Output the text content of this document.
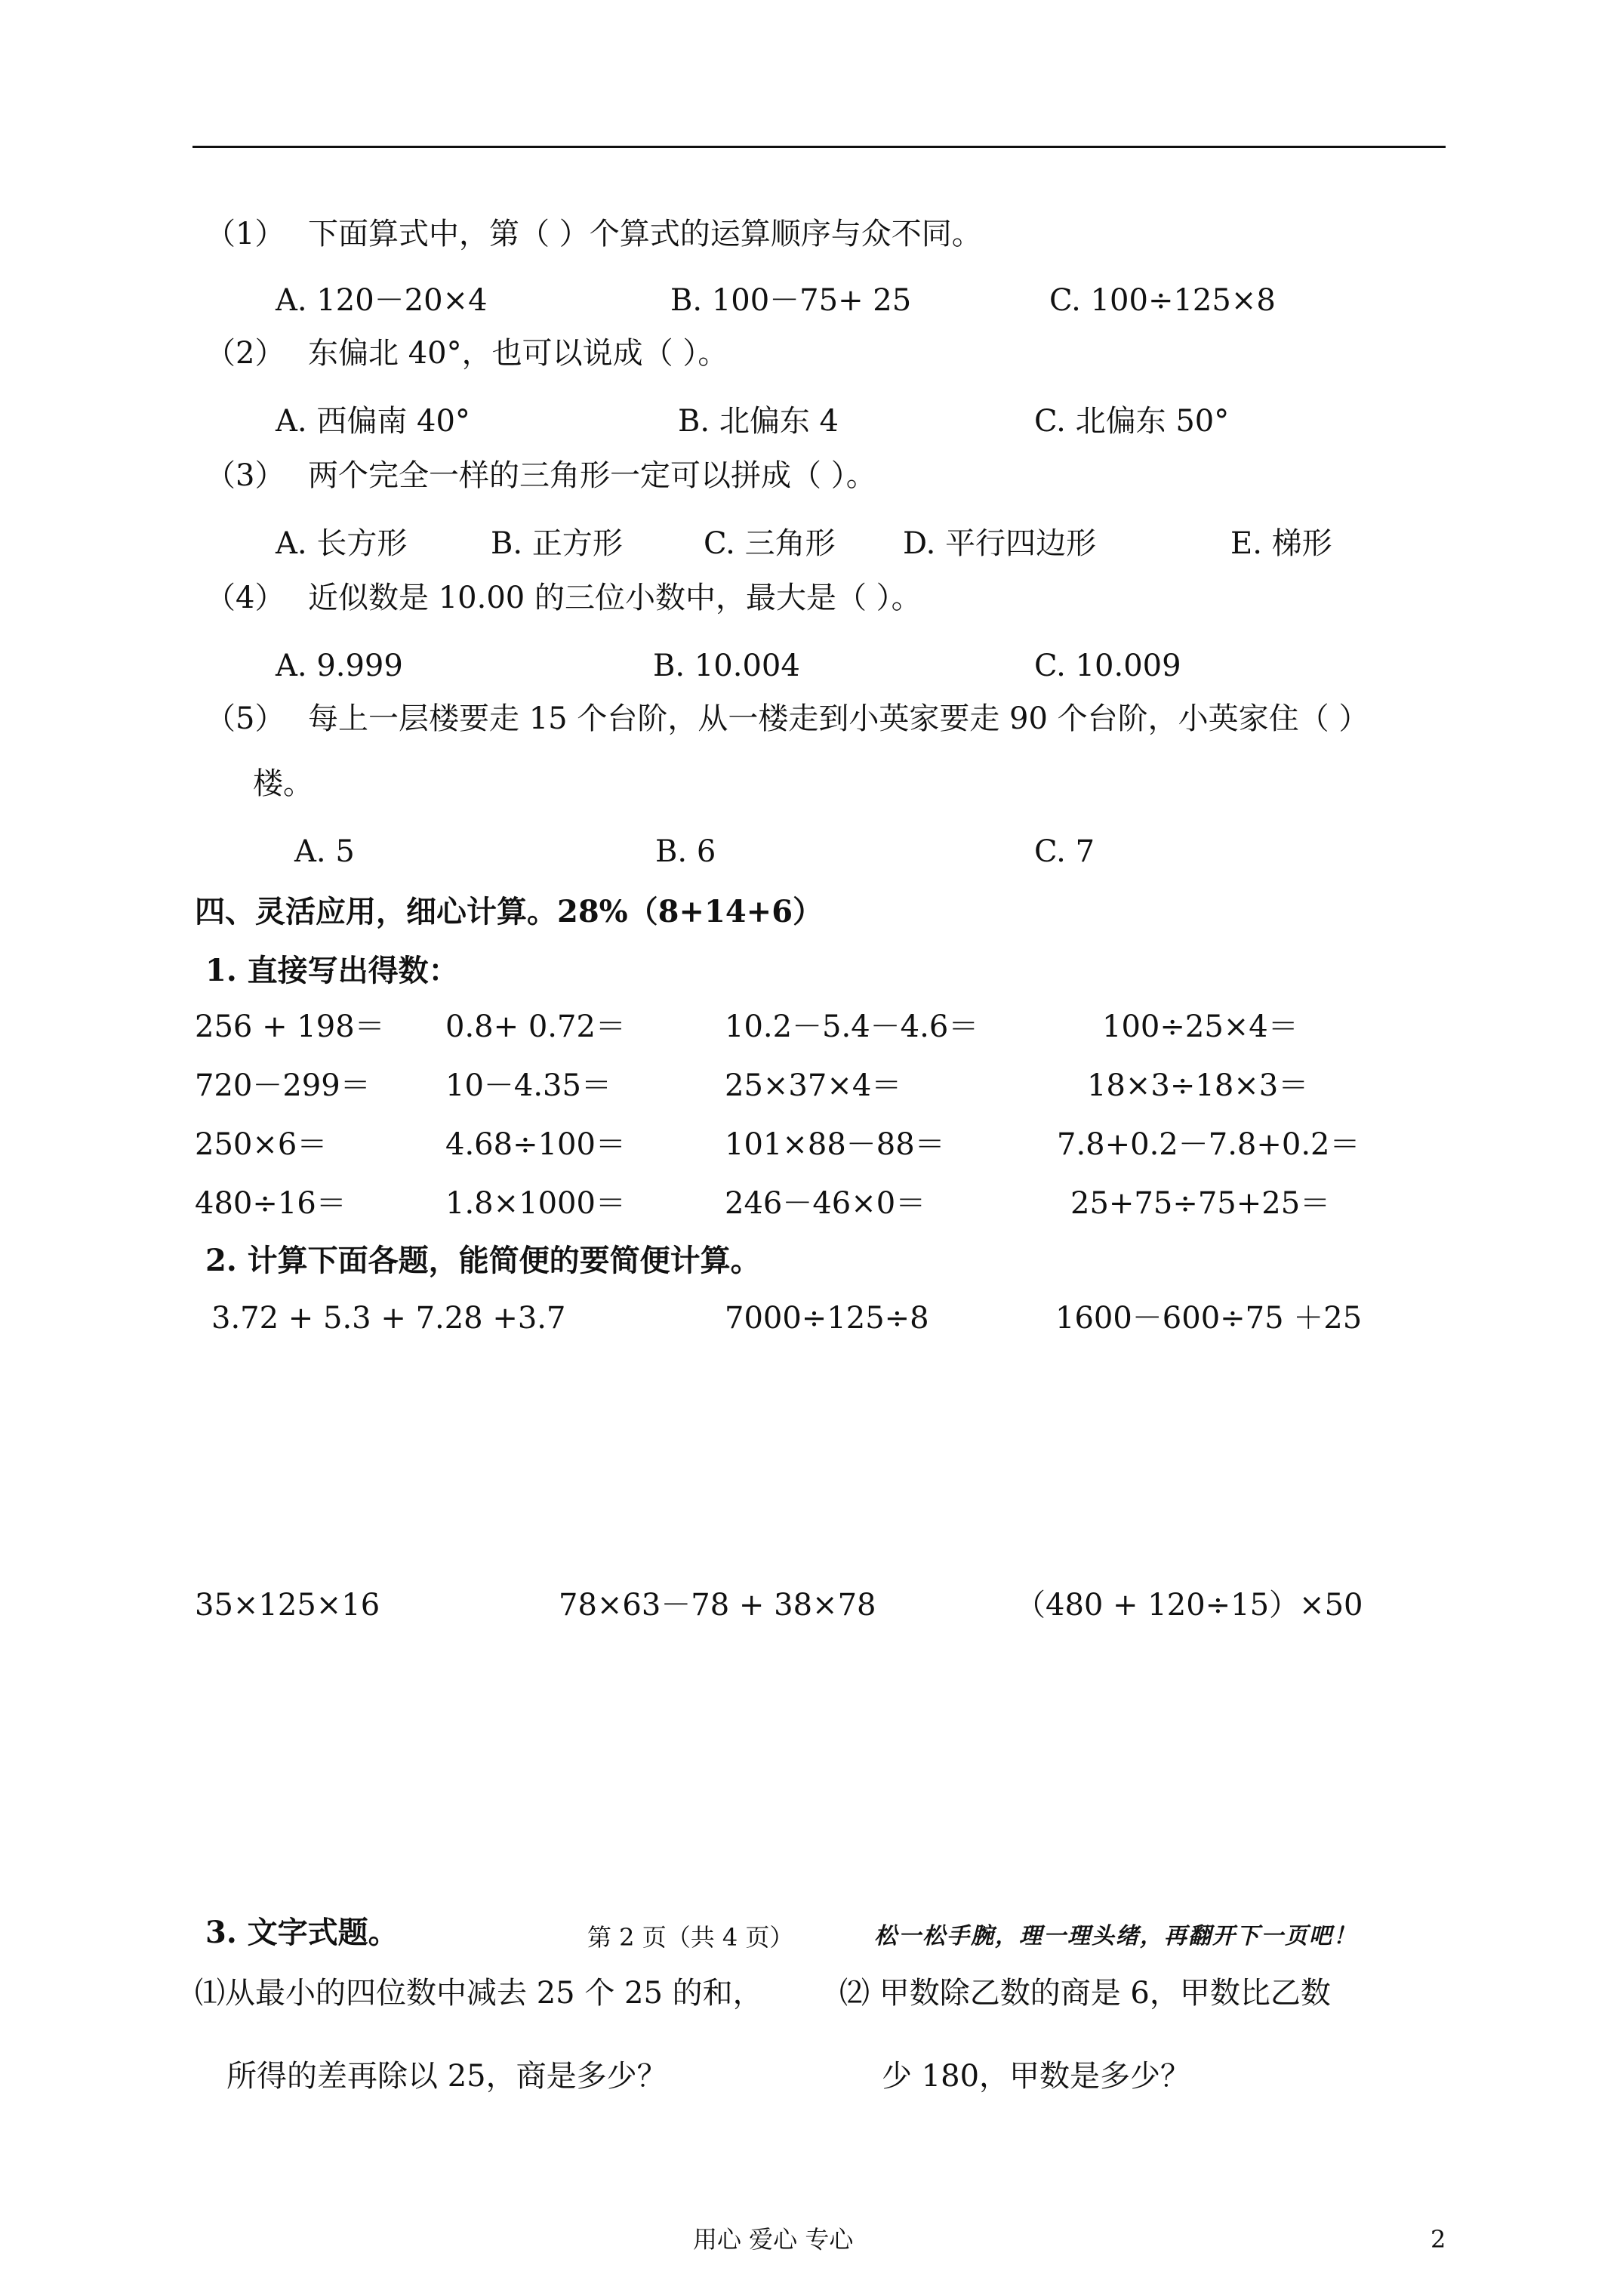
（1） 下面算式中，第（ ）个算式的运算顺序与众不同。
A. 120－20×4	B. 100－75+ 25	C. 100÷125×8
（2） 东偏北 40°，也可以说成（ ）。
A. 西偏南 40°	B. 北偏东 4	C. 北偏东 50°
（3） 两个完全一样的三角形一定可以拼成（ ）。
A. 长方形	B. 正方形	C. 三角形 D. 平行四边形	E. 梯形
（4） 近似数是 10.00 的三位小数中，最大是（ ）。
A. 9.999	B. 10.004	C. 10.009
（5） 每上一层楼要走 15 个台阶，从一楼走到小英家要走 90 个台阶，小英家住（ ）
楼。
A. 5	B. 6	C. 7
四、灵活应用，细心计算。28%（8+14+6）
1. 直接写出得数：
256 + 198＝ 0.8+ 0.72＝	10.2－5.4－4.6＝	100÷25×4＝
720－299＝ 10－4.35＝	25×37×4＝	18×3÷18×3＝
250×6＝	4.68÷100＝	101×88－88＝	7.8+0.2－7.8+0.2＝
480÷16＝	1.8×1000＝	246－46×0＝	25+75÷75+25＝
2. 计算下面各题，能简便的要简便计算。
3.72 + 5.3 + 7.28 +3.7	7000÷125÷8	1600－600÷75 ＋25
35×125×16	78×63－78 + 38×78	（480 + 120÷15）×50
3. 文字式题。	第 2 页（共 4 页）	松一松手腕，理一理头绪，再翻开下一页吧！
⑴从最小的四位数中减去 25 个 25 的和，
所得的差再除以 25，商是多少？
⑵ 甲数除乙数的商是 6，甲数比乙数
少 180，甲数是多少？
用心 爱心 专心	2
